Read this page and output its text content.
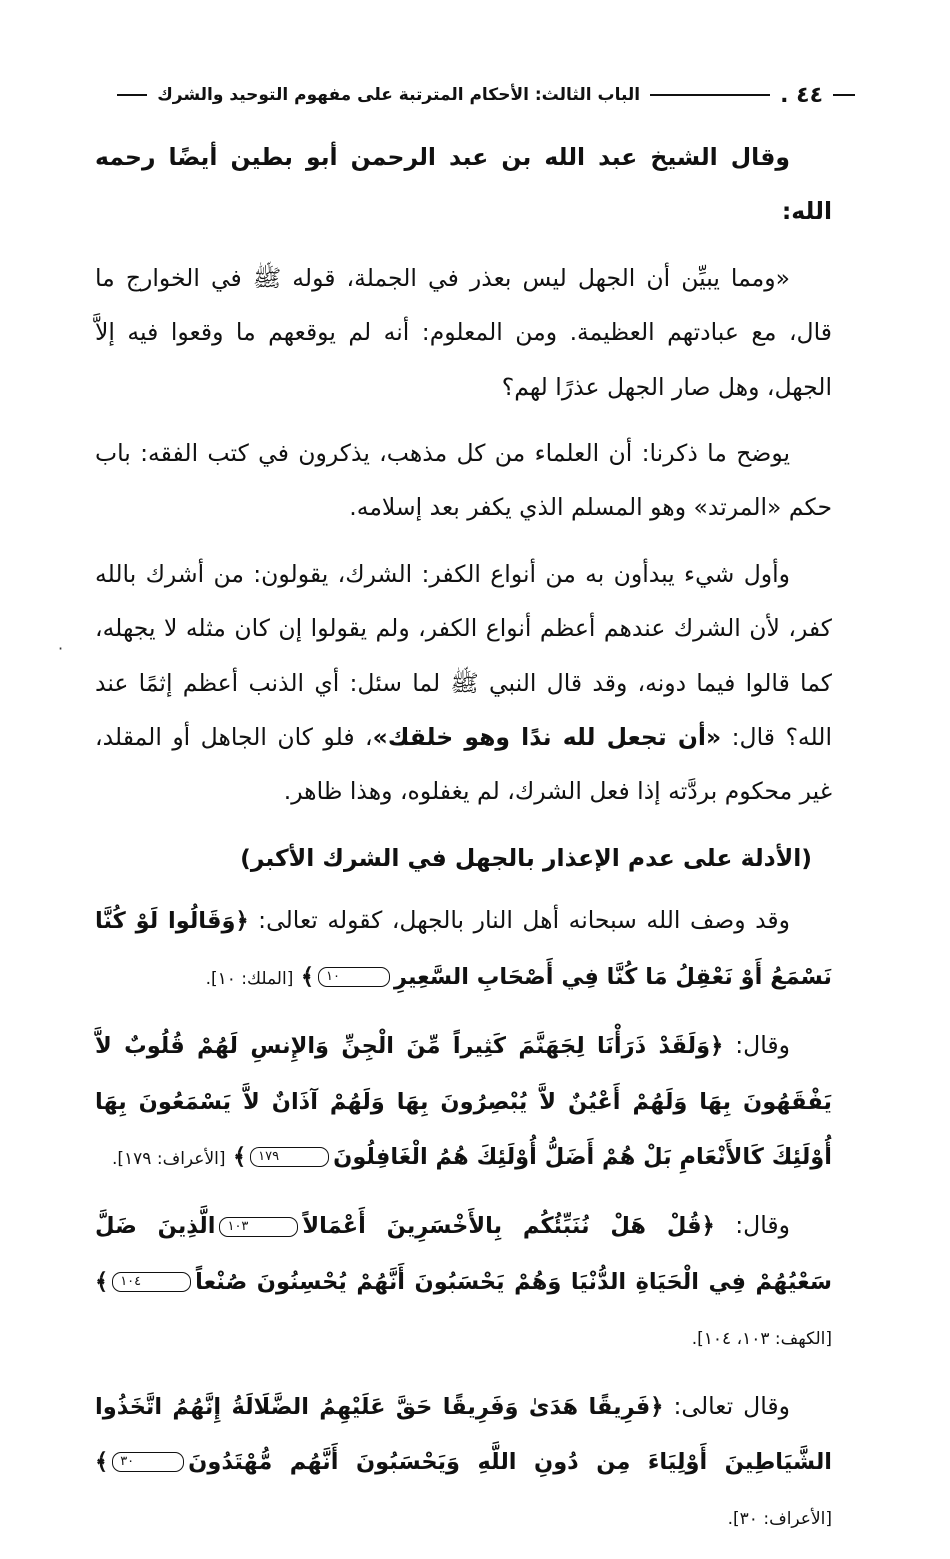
٤٤ .
الباب الثالث: الأحكام المترتبة على مفهوم التوحيد والشرك

وقال الشيخ عبد الله بن عبد الرحمن أبو بطين أيضًا رحمه الله:

«ومما يبيِّن أن الجهل ليس بعذر في الجملة، قوله ﷺ في الخوارج ما قال، مع عبادتهم العظيمة. ومن المعلوم: أنه لم يوقعهم ما وقعوا فيه إلاَّ الجهل، وهل صار الجهل عذرًا لهم؟

يوضح ما ذكرنا: أن العلماء من كل مذهب، يذكرون في كتب الفقه: باب حكم «المرتد» وهو المسلم الذي يكفر بعد إسلامه.

وأول شيء يبدأون به من أنواع الكفر: الشرك، يقولون: من أشرك بالله كفر، لأن الشرك عندهم أعظم أنواع الكفر، ولم يقولوا إن كان مثله لا يجهله، كما قالوا فيما دونه، وقد قال النبي ﷺ لما سئل: أي الذنب أعظم إثمًا عند الله؟ قال: «أن تجعل لله ندًا وهو خلقك»، فلو كان الجاهل أو المقلد، غير محكوم بردَّته إذا فعل الشرك، لم يغفلوه، وهذا ظاهر.

(الأدلة على عدم الإعذار بالجهل في الشرك الأكبر)

وقد وصف الله سبحانه أهل النار بالجهل، كقوله تعالى: ﴿وَقَالُوا لَوْ كُنَّا نَسْمَعُ أَوْ نَعْقِلُ مَا كُنَّا فِي أَصْحَابِ السَّعِيرِ١٠﴾ [الملك: ١٠].

وقال: ﴿وَلَقَدْ ذَرَأْنَا لِجَهَنَّمَ كَثِيراً مِّنَ الْجِنِّ وَالإِنسِ لَهُمْ قُلُوبٌ لاَّ يَفْقَهُونَ بِهَا وَلَهُمْ أَعْيُنٌ لاَّ يُبْصِرُونَ بِهَا وَلَهُمْ آذَانٌ لاَّ يَسْمَعُونَ بِهَا أُوْلَئِكَ كَالأَنْعَامِ بَلْ هُمْ أَضَلُّ أُوْلَئِكَ هُمُ الْغَافِلُونَ١٧٩﴾ [الأعراف: ١٧٩].

وقال: ﴿قُلْ هَلْ نُنَبِّئُكُم بِالأَخْسَرِينَ أَعْمَالاً١٠٣الَّذِينَ ضَلَّ سَعْيُهُمْ فِي الْحَيَاةِ الدُّنْيَا وَهُمْ يَحْسَبُونَ أَنَّهُمْ يُحْسِنُونَ صُنْعاً١٠٤﴾ [الكهف: ١٠٣، ١٠٤].

وقال تعالى: ﴿فَرِيقًا هَدَىٰ وَفَرِيقًا حَقَّ عَلَيْهِمُ الضَّلَالَةُ إِنَّهُمُ اتَّخَذُوا الشَّيَاطِينَ أَوْلِيَاءَ مِن دُونِ اللَّهِ وَيَحْسَبُونَ أَنَّهُم مُّهْتَدُونَ٣٠﴾ [الأعراف: ٣٠].

·
